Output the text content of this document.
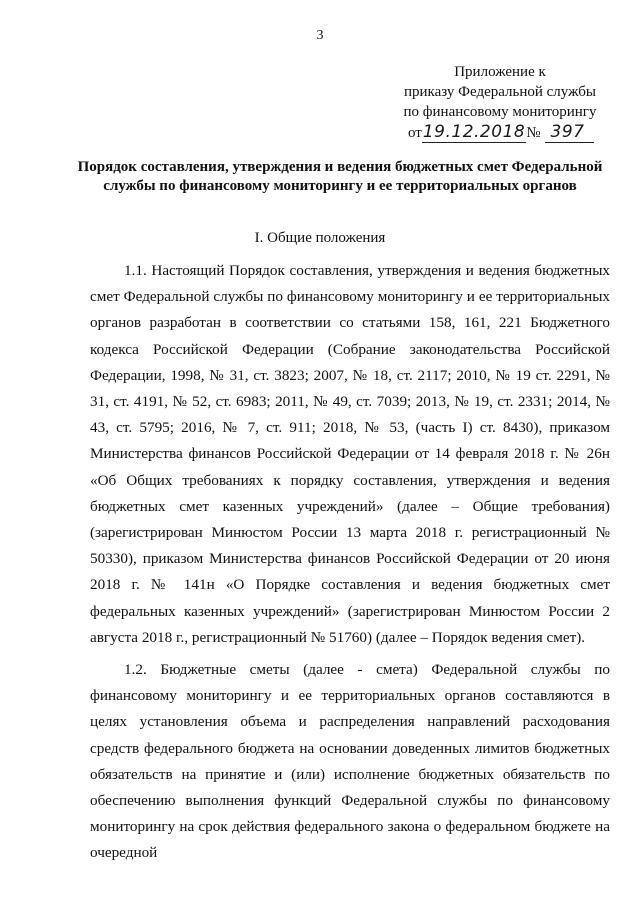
3
Приложение к
приказу Федеральной службы
по финансовому мониторингу
от19.12.2018№ 397
Порядок составления, утверждения и ведения бюджетных смет Федеральной службы по финансовому мониторингу и ее территориальных органов
I. Общие положения

1.1. Настоящий Порядок составления, утверждения и ведения бюджетных смет Федеральной службы по финансовому мониторингу и ее территориальных органов разработан в соответствии со статьями 158, 161, 221 Бюджетного кодекса Российской Федерации (Собрание законодательства Российской Федерации, 1998, № 31, ст. 3823; 2007, № 18, ст. 2117; 2010, № 19 ст. 2291, № 31, ст. 4191, № 52, ст. 6983; 2011, № 49, ст. 7039; 2013, № 19, ст. 2331; 2014, № 43, ст. 5795; 2016, № 7, ст. 911; 2018, № 53, (часть I) ст. 8430), приказом Министерства финансов Российской Федерации от 14 февраля 2018 г. № 26н «Об Общих требованиях к порядку составления, утверждения и ведения бюджетных смет казенных учреждений» (далее – Общие требования) (зарегистрирован Минюстом России 13 марта 2018 г. регистрационный № 50330), приказом Министерства финансов Российской Федерации от 20 июня 2018 г. № 141н «О Порядке составления и ведения бюджетных смет федеральных казенных учреждений» (зарегистрирован Минюстом России 2 августа 2018 г., регистрационный № 51760) (далее – Порядок ведения смет).

1.2. Бюджетные сметы (далее - смета) Федеральной службы по финансовому мониторингу и ее территориальных органов составляются в целях установления объема и распределения направлений расходования средств федерального бюджета на основании доведенных лимитов бюджетных обязательств на принятие и (или) исполнение бюджетных обязательств по обеспечению выполнения функций Федеральной службы по финансовому мониторингу на срок действия федерального закона о федеральном бюджете на очередной
